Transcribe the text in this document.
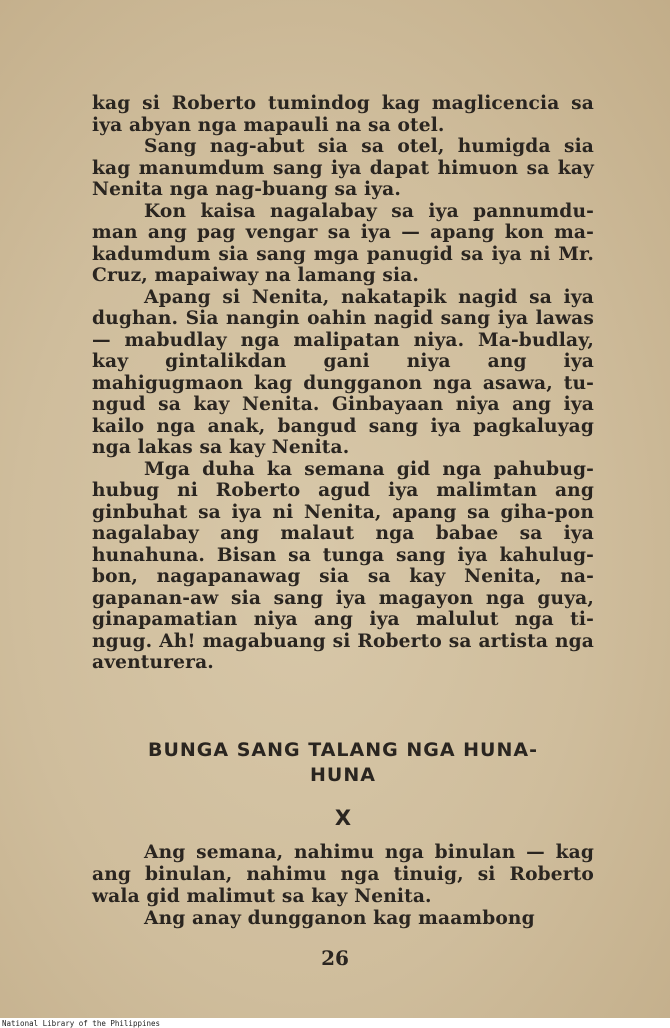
kag si Roberto tumindog kag maglicencia sa iya abyan nga mapauli na sa otel.

Sang nag-abut sia sa otel, humigda sia kag manumdum sang iya dapat himuon sa kay Nenita nga nag-buang sa iya.

Kon kaisa nagalabay sa iya pannumdu-man ang pag vengar sa iya — apang kon ma-kadumdum sia sang mga panugid sa iya ni Mr. Cruz, mapaiway na lamang sia.

Apang si Nenita, nakatapik nagid sa iya dughan. Sia nangin oahin nagid sang iya lawas — mabudlay nga malipatan niya. Ma-budlay, kay gintalikdan gani niya ang iya mahigugmaon kag dungganon nga asawa, tu-ngud sa kay Nenita. Ginbayaan niya ang iya kailo nga anak, bangud sang iya pagkaluyag nga lakas sa kay Nenita.

Mga duha ka semana gid nga pahubug-hubug ni Roberto agud iya malimtan ang ginbuhat sa iya ni Nenita, apang sa giha-pon nagalabay ang malaut nga babae sa iya hunahuna. Bisan sa tunga sang iya kahulug-bon, nagapanawag sia sa kay Nenita, na-gapanan-aw sia sang iya magayon nga guya, ginapamatian niya ang iya malulut nga ti-ngug. Ah! magabuang si Roberto sa artista nga aventurera.

BUNGA SANG TALANG NGA HUNA-
HUNA
X

Ang semana, nahimu nga binulan — kag ang binulan, nahimu nga tinuig, si Roberto wala gid malimut sa kay Nenita.

Ang anay dungganon kag maambong

26
National Library of the Philippines
